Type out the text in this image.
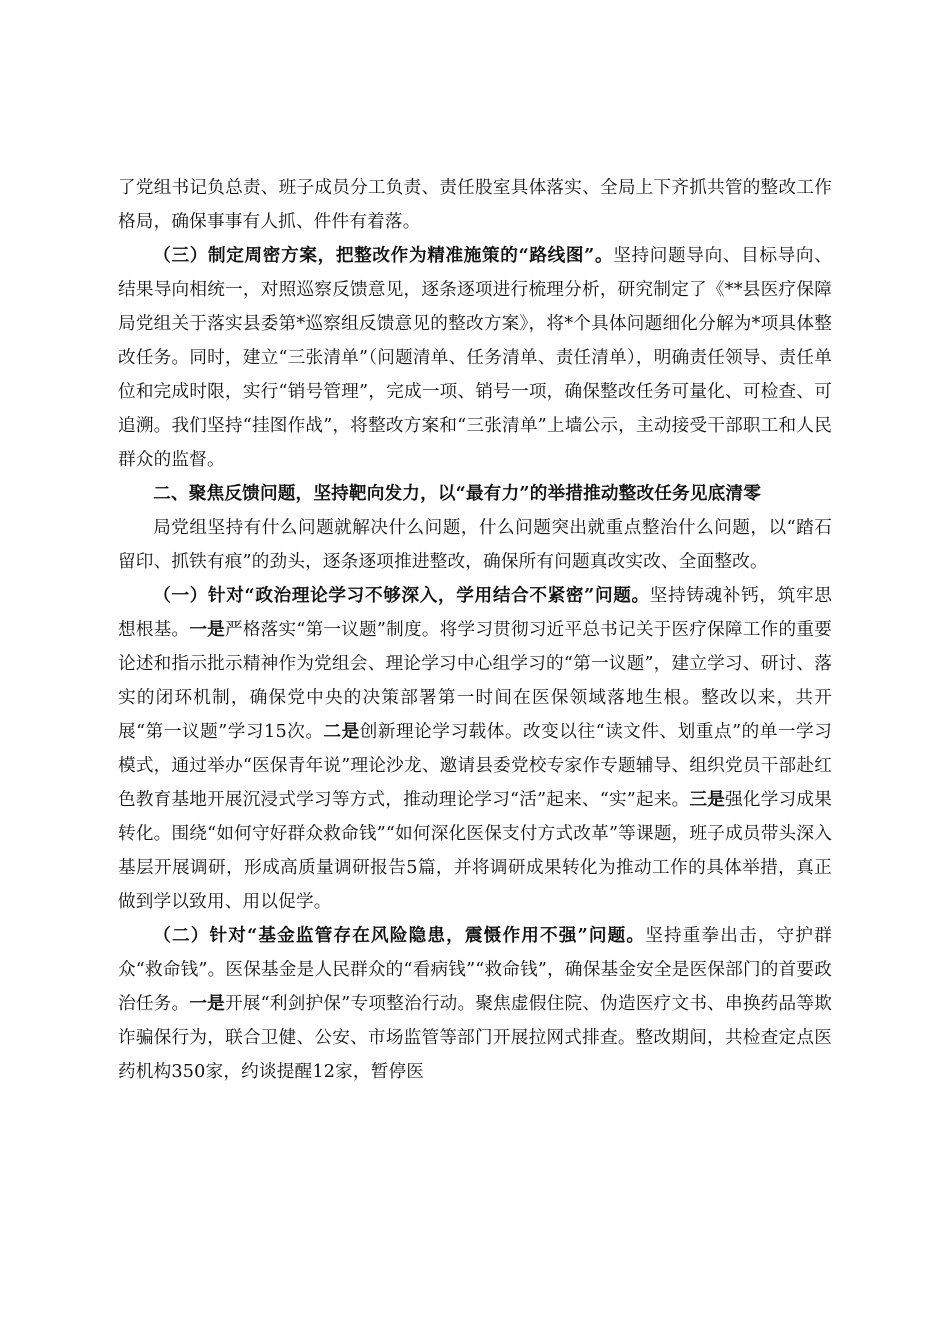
了党组书记负总责、班子成员分工负责、责任股室具体落实、全局上下齐抓共管的整改工作格局，确保事事有人抓、件件有着落。

（三）制定周密方案，把整改作为精准施策的“路线图”。坚持问题导向、目标导向、结果导向相统一，对照巡察反馈意见，逐条逐项进行梳理分析，研究制定了《**县医疗保障局党组关于落实县委第*巡察组反馈意见的整改方案》，将*个具体问题细化分解为*项具体整改任务。同时，建立“三张清单”（问题清单、任务清单、责任清单），明确责任领导、责任单位和完成时限，实行“销号管理”，完成一项、销号一项，确保整改任务可量化、可检查、可追溯。我们坚持“挂图作战”，将整改方案和“三张清单”上墙公示，主动接受干部职工和人民群众的监督。

二、聚焦反馈问题，坚持靶向发力，以“最有力”的举措推动整改任务见底清零

局党组坚持有什么问题就解决什么问题，什么问题突出就重点整治什么问题，以“踏石留印、抓铁有痕”的劲头，逐条逐项推进整改，确保所有问题真改实改、全面整改。

（一）针对“政治理论学习不够深入，学用结合不紧密”问题。坚持铸魂补钙，筑牢思想根基。一是严格落实“第一议题”制度。将学习贯彻习近平总书记关于医疗保障工作的重要论述和指示批示精神作为党组会、理论学习中心组学习的“第一议题”，建立学习、研讨、落实的闭环机制，确保党中央的决策部署第一时间在医保领域落地生根。整改以来，共开展“第一议题”学习15次。二是创新理论学习载体。改变以往“读文件、划重点”的单一学习模式，通过举办“医保青年说”理论沙龙、邀请县委党校专家作专题辅导、组织党员干部赴红色教育基地开展沉浸式学习等方式，推动理论学习“活”起来、“实”起来。三是强化学习成果转化。围绕“如何守好群众救命钱”“如何深化医保支付方式改革”等课题，班子成员带头深入基层开展调研，形成高质量调研报告5篇，并将调研成果转化为推动工作的具体举措，真正做到学以致用、用以促学。

（二）针对“基金监管存在风险隐患，震慑作用不强”问题。坚持重拳出击，守护群众“救命钱”。医保基金是人民群众的“看病钱”“救命钱”，确保基金安全是医保部门的首要政治任务。一是开展“利剑护保”专项整治行动。聚焦虚假住院、伪造医疗文书、串换药品等欺诈骗保行为，联合卫健、公安、市场监管等部门开展拉网式排查。整改期间，共检查定点医药机构350家，约谈提醒12家，暂停医
